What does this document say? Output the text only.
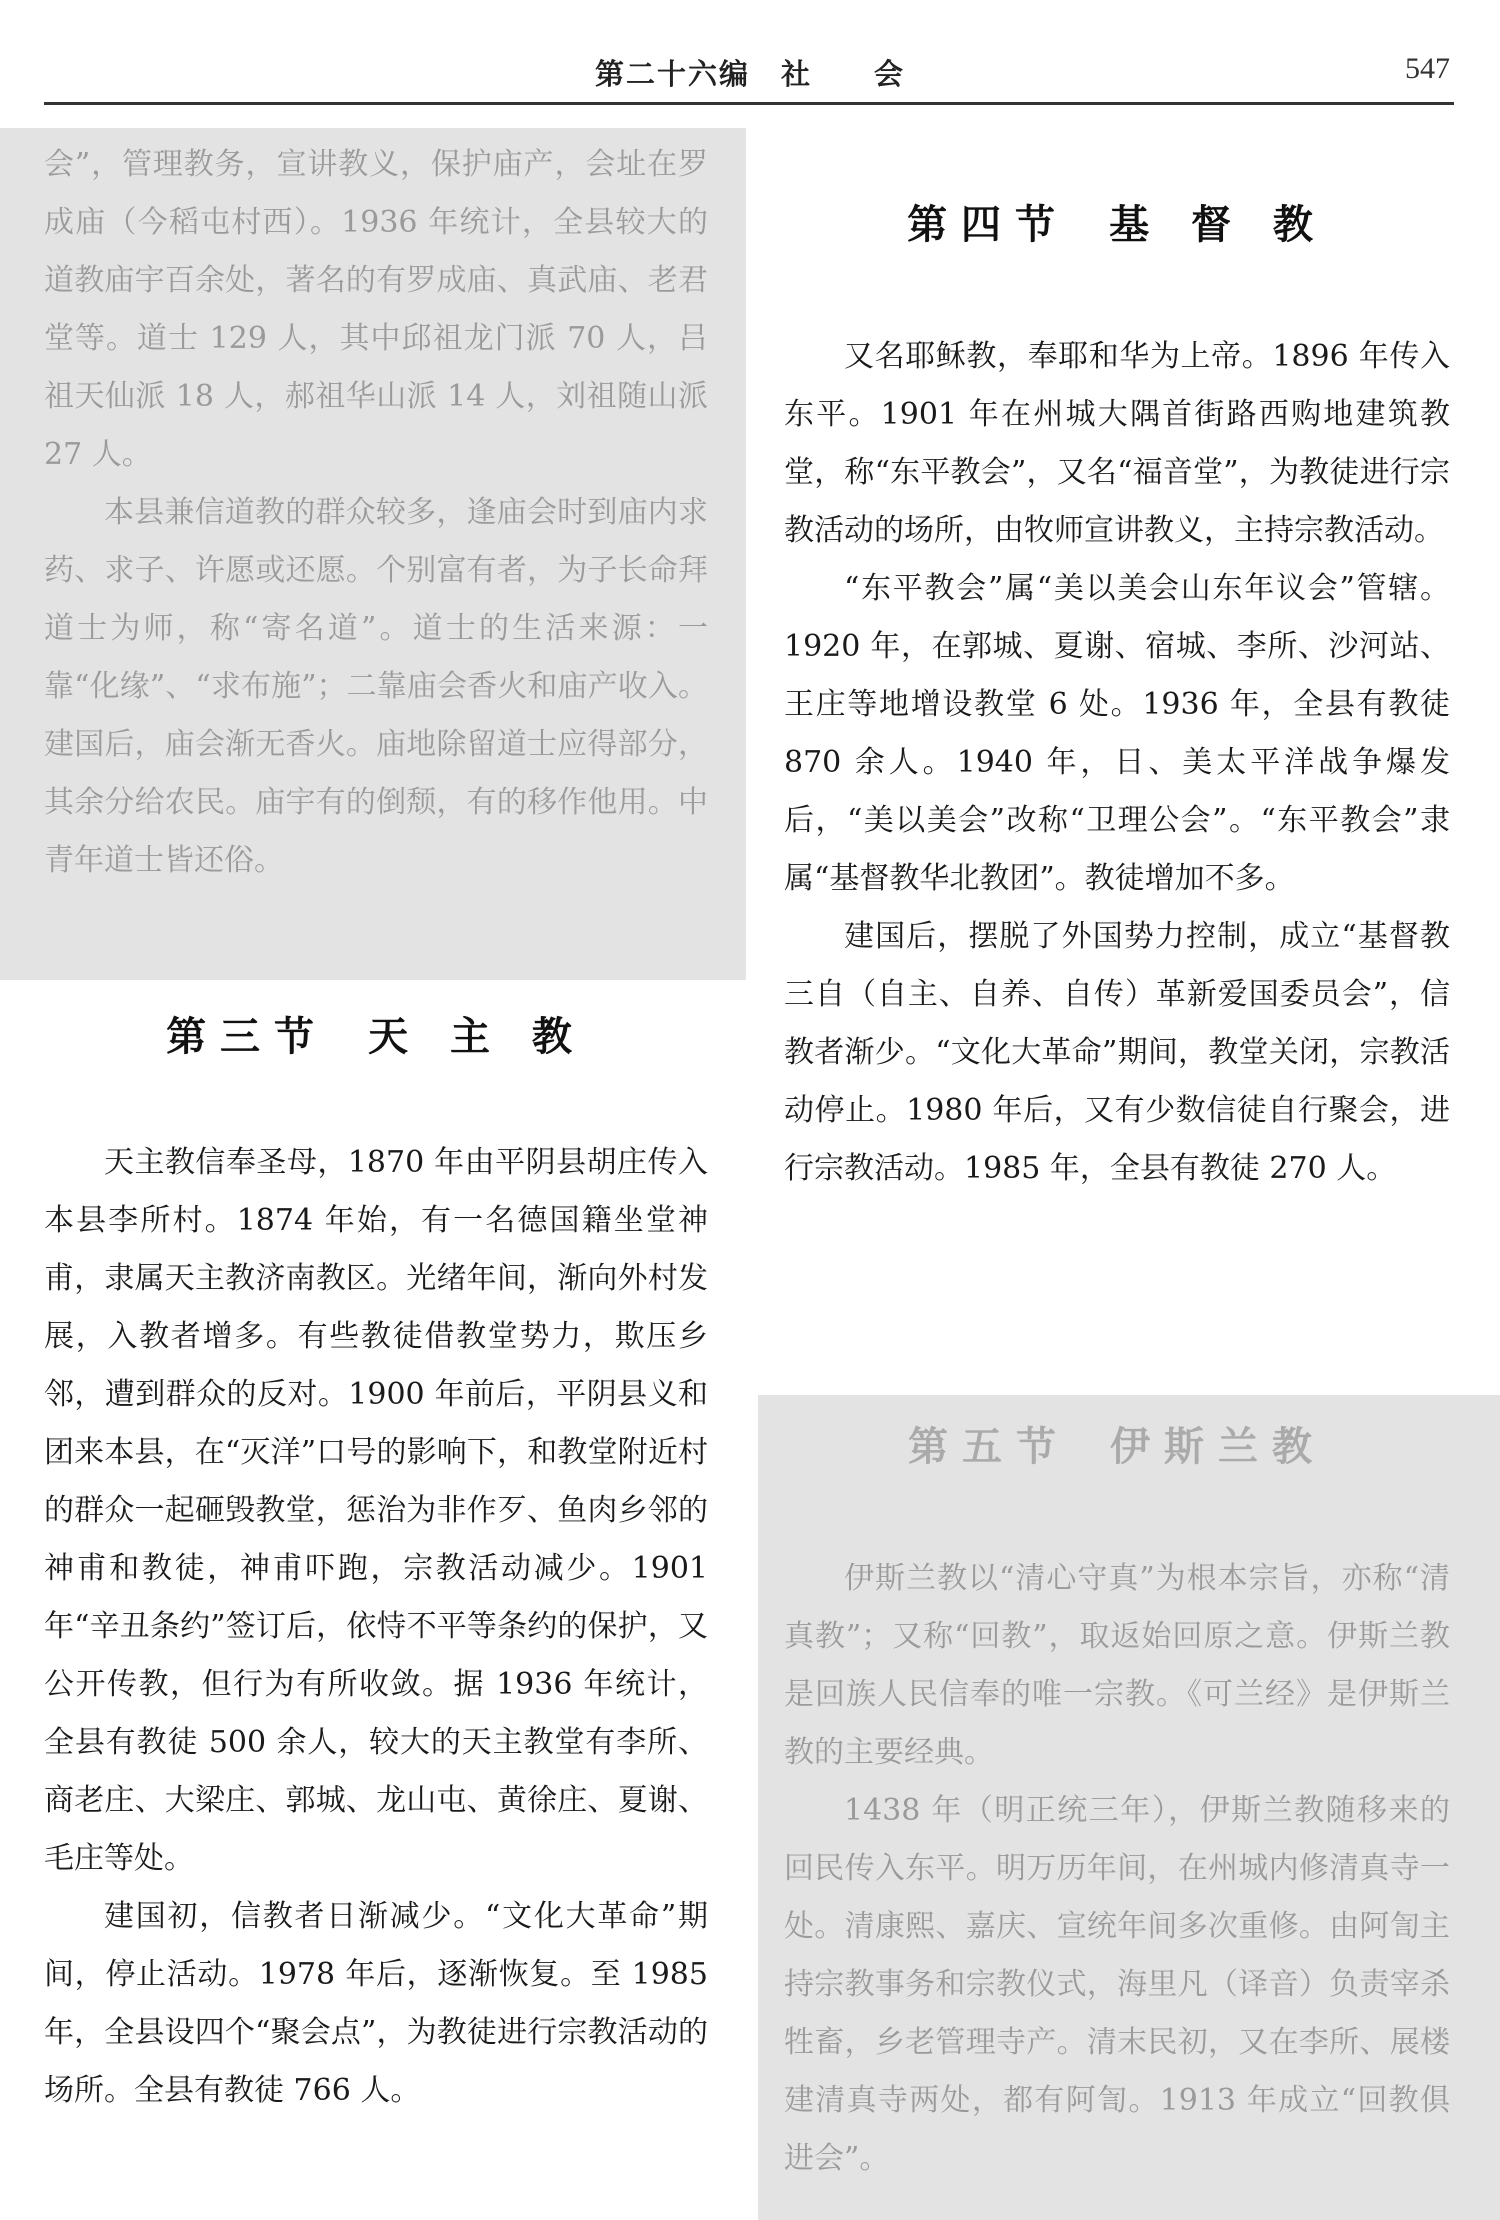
第二十六编　社　　会	547

会”，管理教务，宣讲教义，保护庙产，会址在罗成庙（今稻屯村西）。1936 年统计，全县较大的道教庙宇百余处，著名的有罗成庙、真武庙、老君堂等。道士 129 人，其中邱祖龙门派 70 人，吕祖天仙派 18 人，郝祖华山派 14 人，刘祖随山派 27 人。

本县兼信道教的群众较多，逢庙会时到庙内求药、求子、许愿或还愿。个别富有者，为子长命拜道士为师，称“寄名道”。道士的生活来源：一靠“化缘”、“求布施”；二靠庙会香火和庙产收入。建国后，庙会渐无香火。庙地除留道士应得部分，其余分给农民。庙宇有的倒颓，有的移作他用。中青年道士皆还俗。

第三节 天 主 教

天主教信奉圣母，1870 年由平阴县胡庄传入本县李所村。1874 年始，有一名德国籍坐堂神甫，隶属天主教济南教区。光绪年间，渐向外村发展，入教者增多。有些教徒借教堂势力，欺压乡邻，遭到群众的反对。1900 年前后，平阴县义和团来本县，在“灭洋”口号的影响下，和教堂附近村的群众一起砸毁教堂，惩治为非作歹、鱼肉乡邻的神甫和教徒，神甫吓跑，宗教活动减少。1901 年“辛丑条约”签订后，依恃不平等条约的保护，又公开传教，但行为有所收敛。据 1936 年统计，全县有教徒 500 余人，较大的天主教堂有李所、商老庄、大梁庄、郭城、龙山屯、黄徐庄、夏谢、毛庄等处。

建国初，信教者日渐减少。“文化大革命”期间，停止活动。1978 年后，逐渐恢复。至 1985 年，全县设四个“聚会点”，为教徒进行宗教活动的场所。全县有教徒 766 人。

第四节 基 督 教

又名耶稣教，奉耶和华为上帝。1896 年传入东平。1901 年在州城大隅首街路西购地建筑教堂，称“东平教会”，又名“福音堂”，为教徒进行宗教活动的场所，由牧师宣讲教义，主持宗教活动。

“东平教会”属“美以美会山东年议会”管辖。1920 年，在郭城、夏谢、宿城、李所、沙河站、王庄等地增设教堂 6 处。1936 年，全县有教徒 870 余人。1940 年，日、美太平洋战争爆发后，“美以美会”改称“卫理公会”。“东平教会”隶属“基督教华北教团”。教徒增加不多。

建国后，摆脱了外国势力控制，成立“基督教三自（自主、自养、自传）革新爱国委员会”，信教者渐少。“文化大革命”期间，教堂关闭，宗教活动停止。1980 年后，又有少数信徒自行聚会，进行宗教活动。1985 年，全县有教徒 270 人。

第五节 伊斯兰教

伊斯兰教以“清心守真”为根本宗旨，亦称“清真教”；又称“回教”，取返始回原之意。伊斯兰教是回族人民信奉的唯一宗教。《可兰经》是伊斯兰教的主要经典。

1438 年（明正统三年），伊斯兰教随移来的回民传入东平。明万历年间，在州城内修清真寺一处。清康熙、嘉庆、宣统年间多次重修。由阿訇主持宗教事务和宗教仪式，海里凡（译音）负责宰杀牲畜，乡老管理寺产。清末民初，又在李所、展楼建清真寺两处，都有阿訇。1913 年成立“回教俱进会”。
